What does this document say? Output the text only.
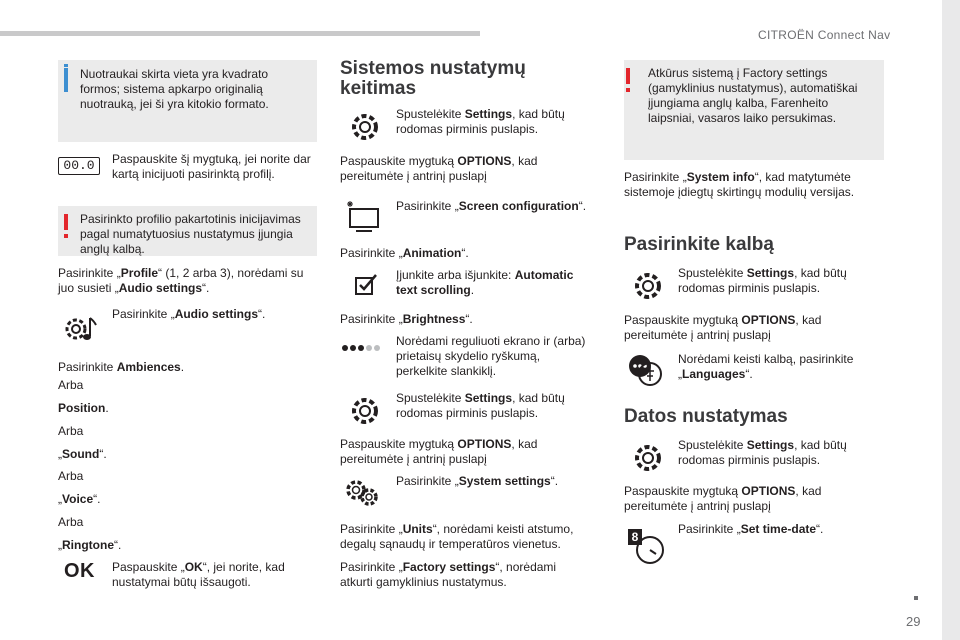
CITROËN Connect Nav
29

Nuotraukai skirta vieta yra kvadrato formos; sistema apkarpo originalią nuotrauką, jei ši yra kitokio formato.

00.0	Paspauskite šį mygtuką, jei norite dar kartą inicijuoti pasirinktą profilį.

Pasirinkto profilio pakartotinis inicijavimas pagal numatytuosius nustatymus įjungia anglų kalbą.

Pasirinkite „Profile“ (1, 2 arba 3), norėdami su juo susieti „Audio settings“.

Pasirinkite „Audio settings“.

Pasirinkite Ambiences.

Arba

Position.

Arba

„Sound“.

Arba

„Voice“.

Arba

„Ringtone“.

OK Paspauskite „OK“, jei norite, kad nustatymai būtų išsaugoti.

Sistemos nustatymų keitimas

Spustelėkite Settings, kad būtų rodomas pirminis puslapis.

Paspauskite mygtuką OPTIONS, kad pereitumėte į antrinį puslapį

Pasirinkite „Screen configuration“.

Pasirinkite „Animation“.

Įjunkite arba išjunkite: Automatic text scrolling.

Pasirinkite „Brightness“.

Norėdami reguliuoti ekrano ir (arba) prietaisų skydelio ryškumą, perkelkite slankiklį.

Spustelėkite Settings, kad būtų rodomas pirminis puslapis.

Paspauskite mygtuką OPTIONS, kad pereitumėte į antrinį puslapį

Pasirinkite „System settings“.

Pasirinkite „Units“, norėdami keisti atstumo, degalų sąnaudų ir temperatūros vienetus.

Pasirinkite „Factory settings“, norėdami atkurti gamyklinius nustatymus.

Atkūrus sistemą į Factory settings (gamyklinius nustatymus), automatiškai įjungiama anglų kalba, Farenheito laipsniai, vasaros laiko persukimas.

Pasirinkite „System info“, kad matytumėte sistemoje įdiegtų skirtingų modulių versijas.

Pasirinkite kalbą

Spustelėkite Settings, kad būtų rodomas pirminis puslapis.

Paspauskite mygtuką OPTIONS, kad pereitumėte į antrinį puslapį

Norėdami keisti kalbą, pasirinkite „Languages“.

Datos nustatymas

Spustelėkite Settings, kad būtų rodomas pirminis puslapis.

Paspauskite mygtuką OPTIONS, kad pereitumėte į antrinį puslapį

8

Pasirinkite „Set time-date“.
